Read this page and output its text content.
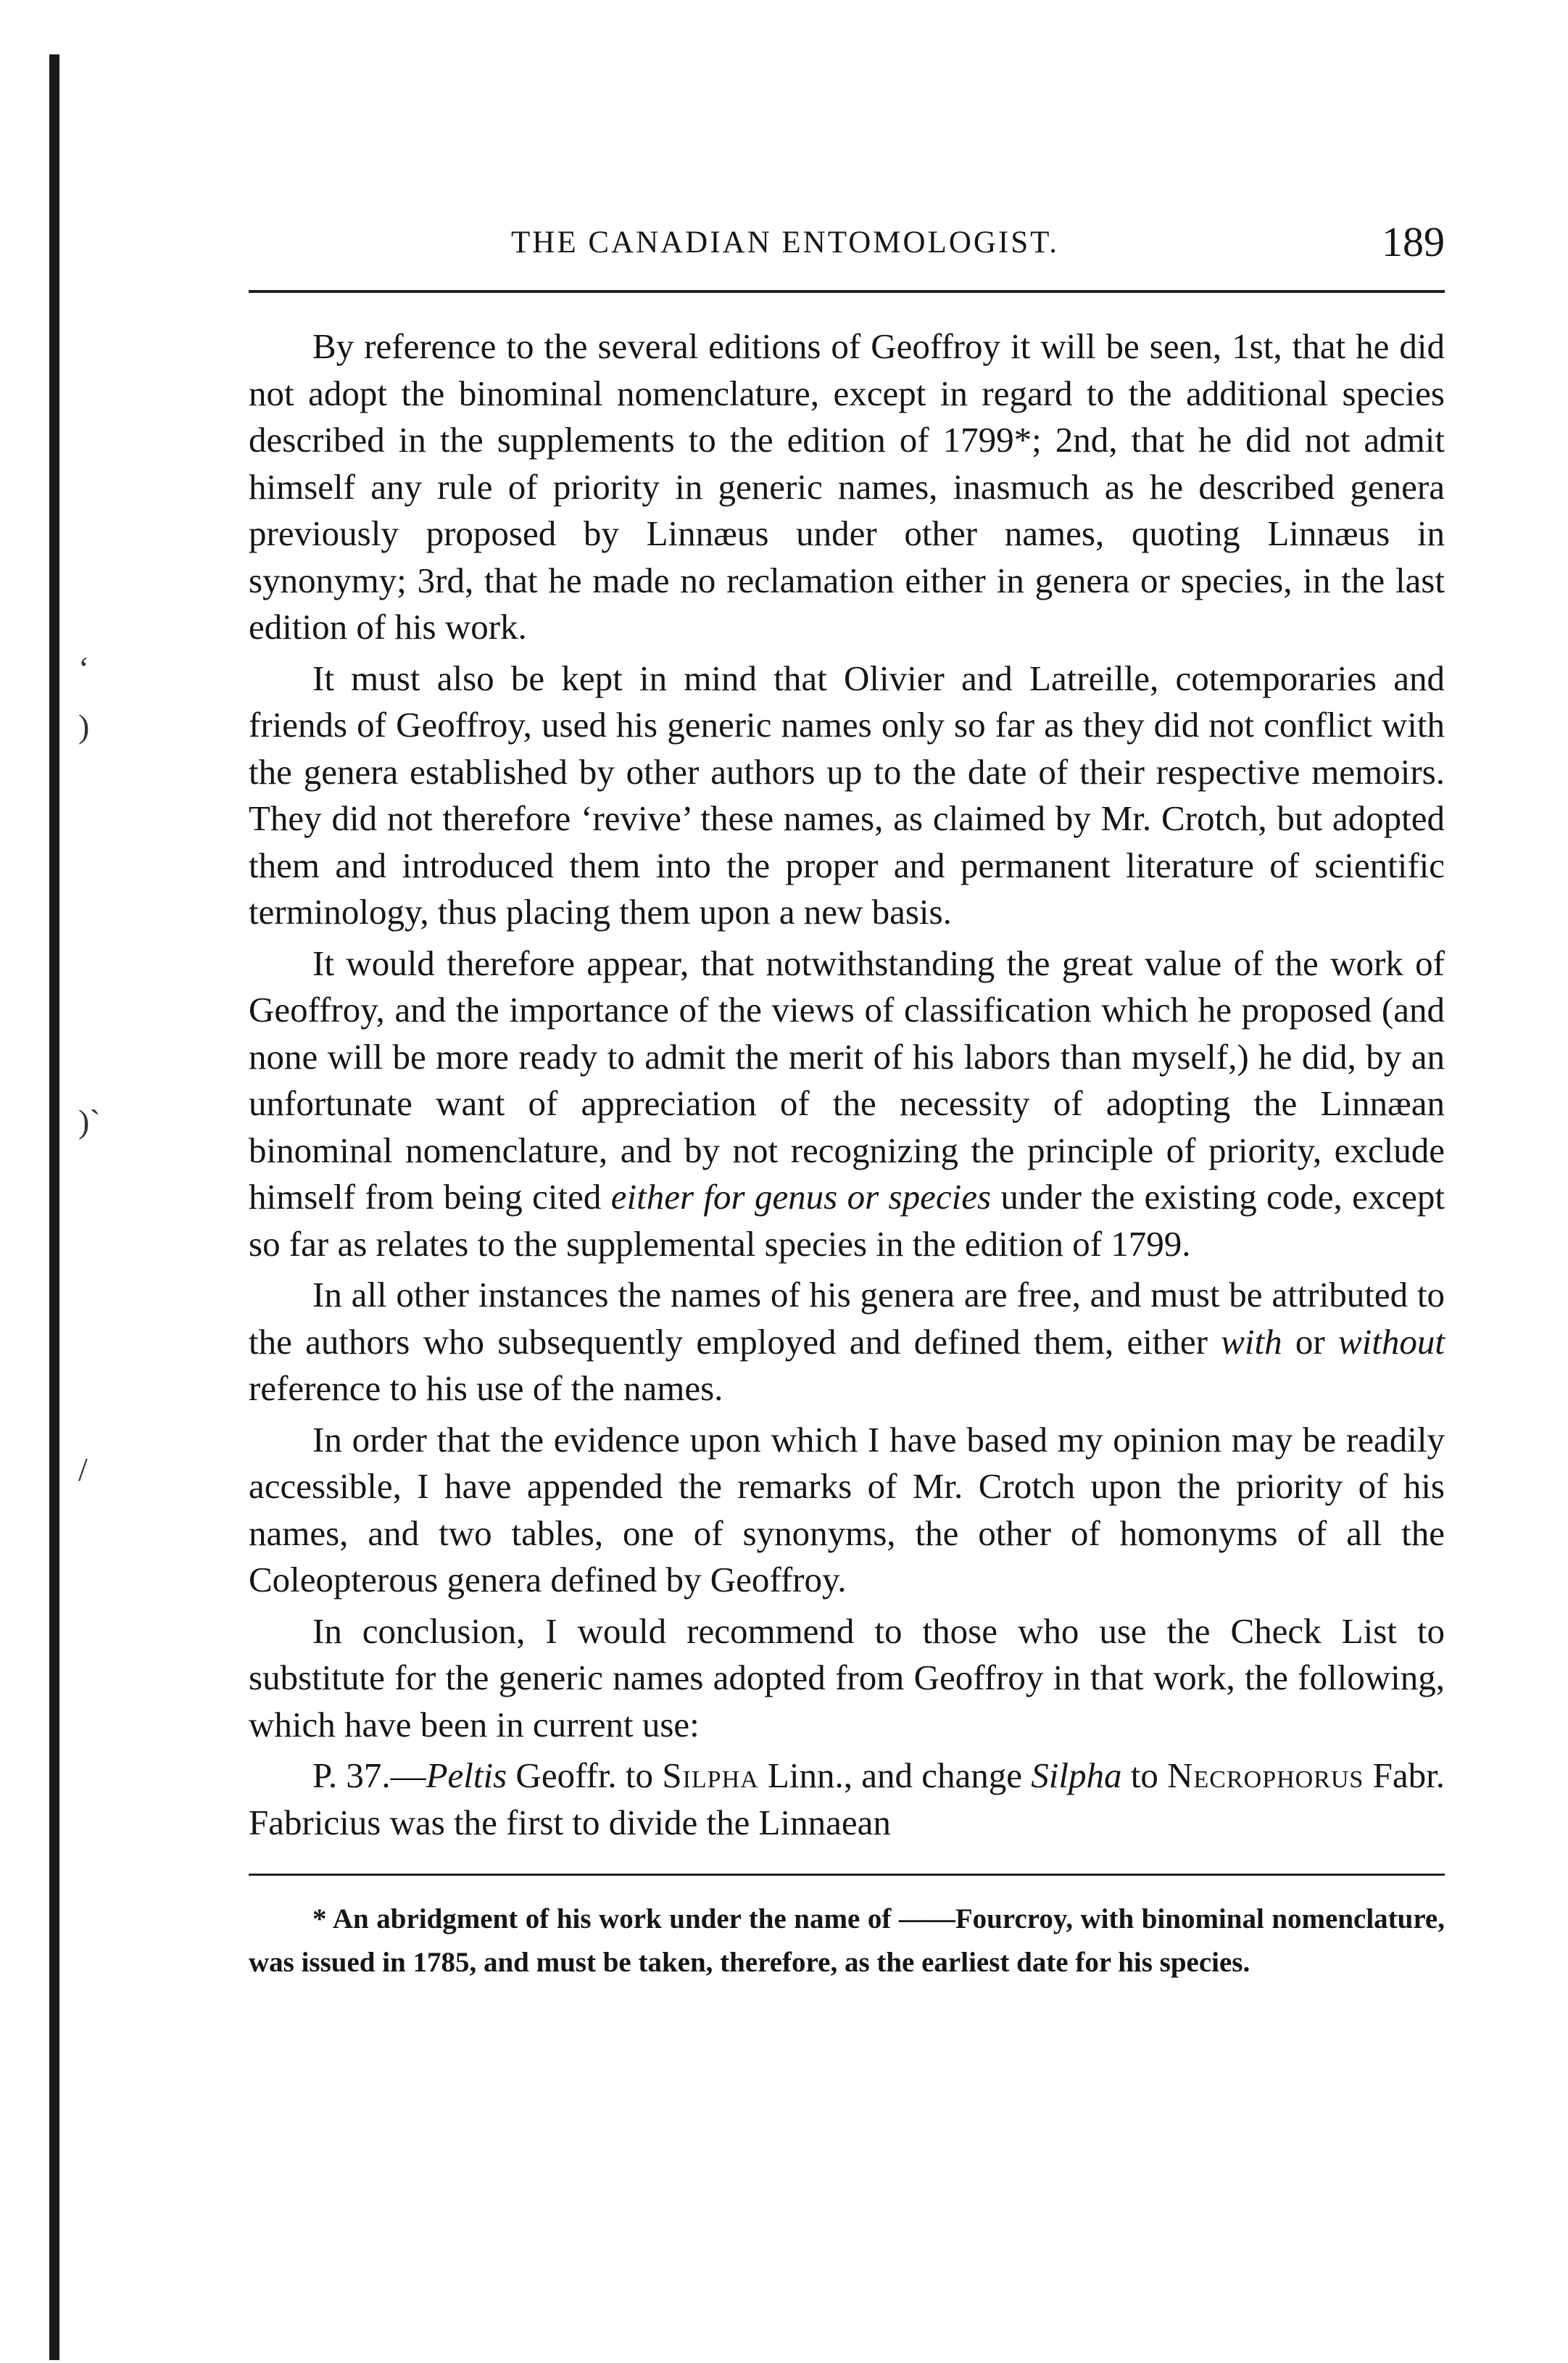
‘
)
)`
/
THE CANADIAN ENTOMOLOGIST.	189

By reference to the several editions of Geoffroy it will be seen, 1st, that he did not adopt the binominal nomenclature, except in regard to the additional species described in the supplements to the edition of 1799*; 2nd, that he did not admit himself any rule of priority in generic names, inasmuch as he described genera previously proposed by Linnæus under other names, quoting Linnæus in synonymy; 3rd, that he made no reclamation either in genera or species, in the last edition of his work.

It must also be kept in mind that Olivier and Latreille, cotemporaries and friends of Geoffroy, used his generic names only so far as they did not conflict with the genera established by other authors up to the date of their respective memoirs. They did not therefore ‘revive’ these names, as claimed by Mr. Crotch, but adopted them and introduced them into the proper and permanent literature of scientific terminology, thus placing them upon a new basis.

It would therefore appear, that notwithstanding the great value of the work of Geoffroy, and the importance of the views of classification which he proposed (and none will be more ready to admit the merit of his labors than myself,) he did, by an unfortunate want of appreciation of the necessity of adopting the Linnæan binominal nomenclature, and by not recognizing the principle of priority, exclude himself from being cited either for genus or species under the existing code, except so far as relates to the supplemental species in the edition of 1799.

In all other instances the names of his genera are free, and must be attributed to the authors who subsequently employed and defined them, either with or without reference to his use of the names.

In order that the evidence upon which I have based my opinion may be readily accessible, I have appended the remarks of Mr. Crotch upon the priority of his names, and two tables, one of synonyms, the other of homonyms of all the Coleopterous genera defined by Geoffroy.

In conclusion, I would recommend to those who use the Check List to substitute for the generic names adopted from Geoffroy in that work, the following, which have been in current use:

P. 37.—Peltis Geoffr. to Silpha Linn., and change Silpha to Necrophorus Fabr. Fabricius was the first to divide the Linnaean

* An abridgment of his work under the name of ——Fourcroy, with binominal nomenclature, was issued in 1785, and must be taken, therefore, as the earliest date for his species.
